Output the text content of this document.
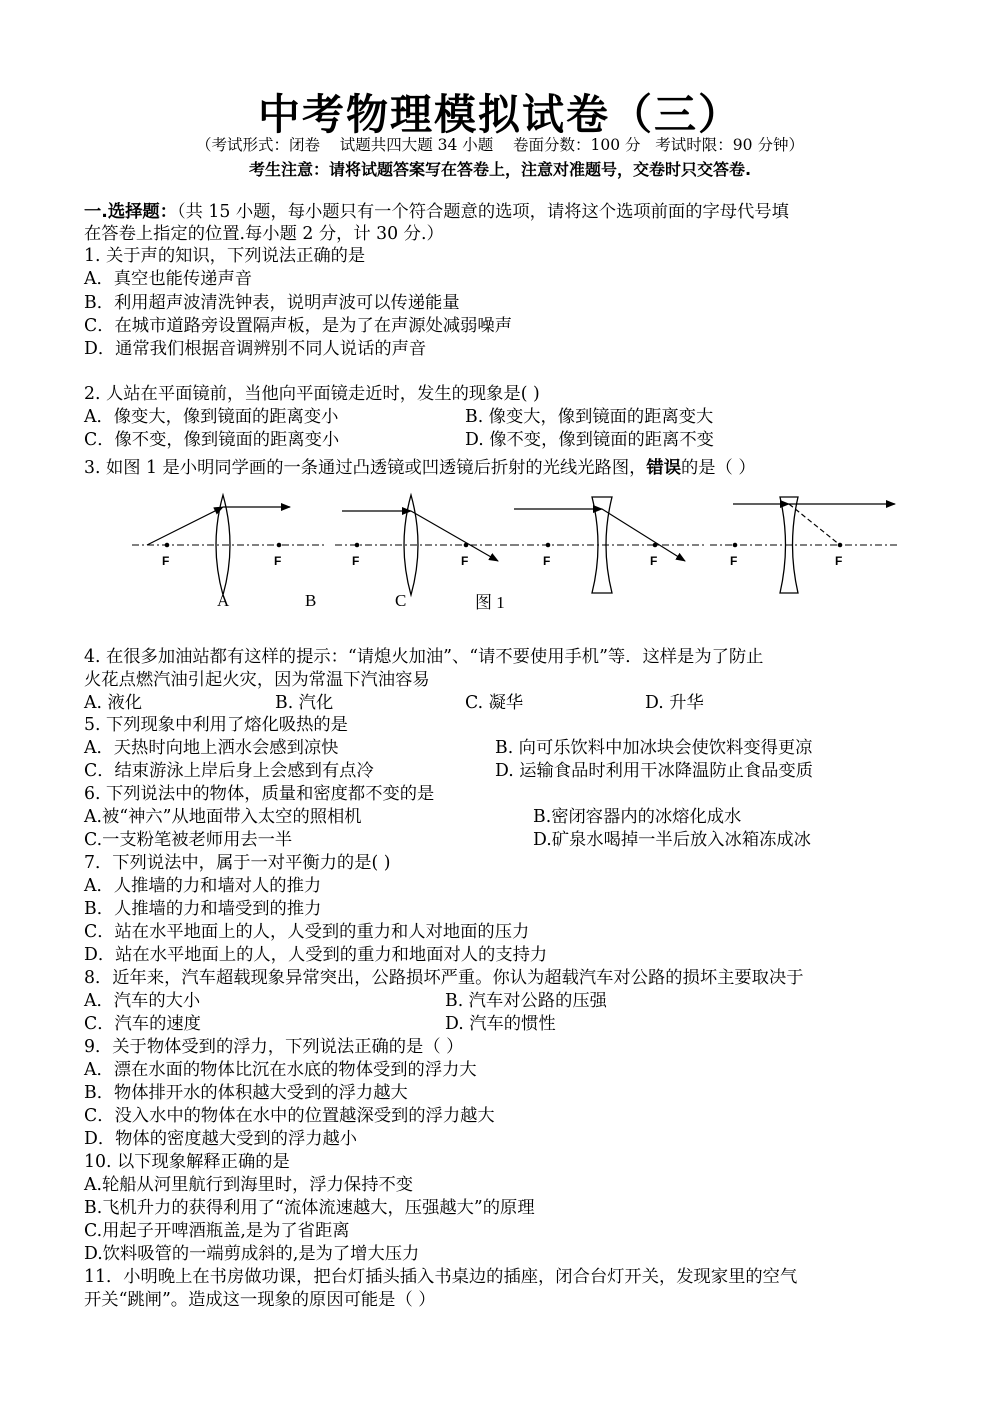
中考物理模拟试卷（三）
（考试形式：闭卷    试题共四大题 34 小题    卷面分数：100 分   考试时限：90 分钟）
考生注意：请将试题答案写在答卷上，注意对准题号，交卷时只交答卷.
一.选择题：（共 15 小题，每小题只有一个符合题意的选项，请将这个选项前面的字母代号填
在答卷上指定的位置.每小题 2 分，计 30 分.）
1. 关于声的知识，下列说法正确的是
A．真空也能传递声音
B．利用超声波清洗钟表，说明声波可以传递能量
C．在城市道路旁设置隔声板，是为了在声源处减弱噪声
D．通常我们根据音调辨别不同人说话的声音
2. 人站在平面镜前，当他向平面镜走近时，发生的现象是( )
A．像变大，像到镜面的距离变小	B. 像变大，像到镜面的距离变大
C．像不变，像到镜面的距离变小	D. 像不变，像到镜面的距离不变
3. 如图 1 是小明同学画的一条通过凸透镜或凹透镜后折射的光线光路图，错误的是（ ）
F	F	F	F	F	F	F	F
A	B	C	图 1
4. 在很多加油站都有这样的提示：“请熄火加油”、“请不要使用手机”等．这样是为了防止
火花点燃汽油引起火灾，因为常温下汽油容易
A. 液化	B. 汽化	C. 凝华	D. 升华
5. 下列现象中利用了熔化吸热的是
A．天热时向地上洒水会感到凉快	B. 向可乐饮料中加冰块会使饮料变得更凉
C．结束游泳上岸后身上会感到有点冷	D. 运输食品时利用干冰降温防止食品变质
6. 下列说法中的物体，质量和密度都不变的是
A.被“神六”从地面带入太空的照相机	B.密闭容器内的冰熔化成水
C.一支粉笔被老师用去一半	D.矿泉水喝掉一半后放入冰箱冻成冰
7．下列说法中，属于一对平衡力的是( )
A．人推墙的力和墙对人的推力
B．人推墙的力和墙受到的推力
C．站在水平地面上的人，人受到的重力和人对地面的压力
D．站在水平地面上的人，人受到的重力和地面对人的支持力
8．近年来，汽车超载现象异常突出，公路损坏严重。你认为超载汽车对公路的损坏主要取决于
A．汽车的大小	B. 汽车对公路的压强
C．汽车的速度	D. 汽车的惯性
9．关于物体受到的浮力，下列说法正确的是（ ）
A．漂在水面的物体比沉在水底的物体受到的浮力大
B．物体排开水的体积越大受到的浮力越大
C．没入水中的物体在水中的位置越深受到的浮力越大
D．物体的密度越大受到的浮力越小
10. 以下现象解释正确的是
A.轮船从河里航行到海里时，浮力保持不变
B.飞机升力的获得利用了“流体流速越大，压强越大”的原理
C.用起子开啤酒瓶盖,是为了省距离
D.饮料吸管的一端剪成斜的,是为了增大压力
11．小明晚上在书房做功课，把台灯插头插入书桌边的插座，闭合台灯开关，发现家里的空气
开关“跳闸”。造成这一现象的原因可能是（ ）
